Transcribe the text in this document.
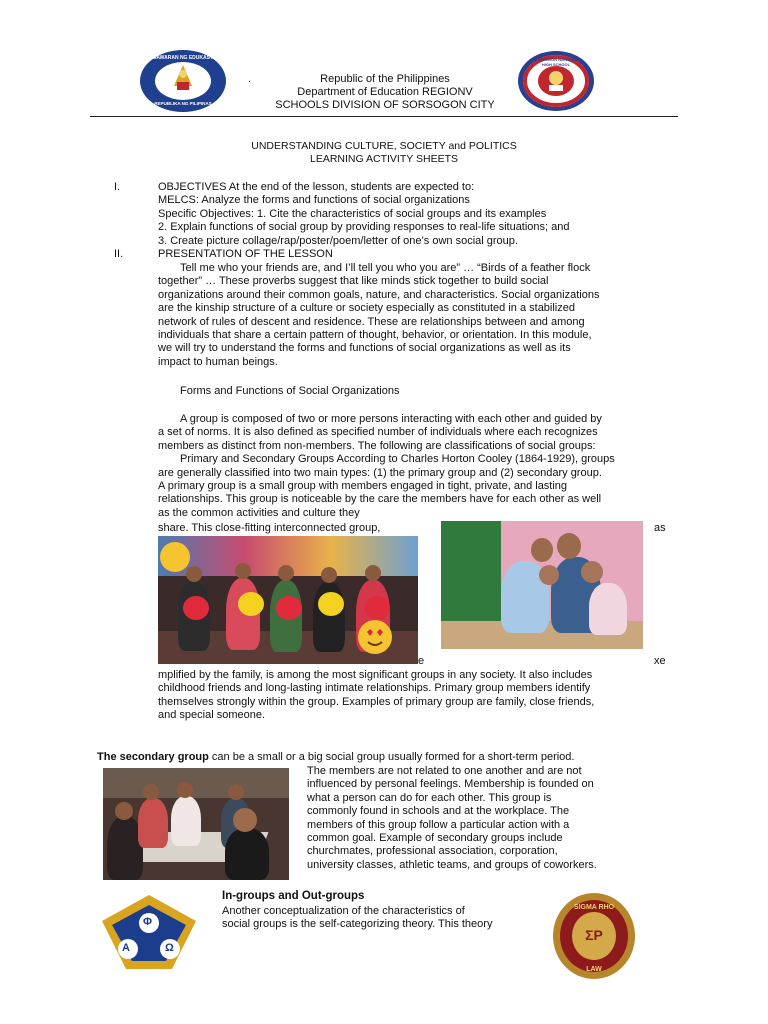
KAGAWARAN NG EDUKASYON
REPUBLIKA NG PILIPINAS
.	Republic of the Philippines
Department of Education REGIONV
SCHOOLS DIVISION OF SORSOGON CITY
SORSOGON NATIONAL HIGH SCHOOL
UNDERSTANDING CULTURE, SOCIETY and POLITICS
LEARNING ACTIVITY SHEETS
I.	OBJECTIVES At the end of the lesson, students are expected to:
MELCS: Analyze the forms and functions of social organizations
Specific Objectives: 1. Cite the characteristics of social groups and its examples
2. Explain functions of social group by providing responses to real-life situations; and
3. Create picture collage/rap/poster/poem/letter of one’s own social group.
II.	PRESENTATION OF THE LESSON
Tell me who your friends are, and I’ll tell you who you are” … “Birds of a feather flock
together” … These proverbs suggest that like minds stick together to build social
organizations around their common goals, nature, and characteristics. Social organizations
are the kinship structure of a culture or society especially as constituted in a stabilized
network of rules of descent and residence. These are relationships between and among
individuals that share a certain pattern of thought, behavior, or orientation. In this module,
we will try to understand the forms and functions of social organizations as well as its
impact to human beings.
Forms and Functions of Social Organizations
A group is composed of two or more persons interacting with each other and guided by
a set of norms. It is also defined as specified number of individuals where each recognizes
members as distinct from non-members. The following are classifications of social groups:
Primary and Secondary Groups According to Charles Horton Cooley (1864-1929), groups
are generally classified into two main types: (1) the primary group and (2) secondary group.
A primary group is a small group with members engaged in tight, private, and lasting
relationships. This group is noticeable by the care the members have for each other as well
as the common activities and culture they
share. This close-fitting interconnected group,	as
e	xe
mplified by the family, is among the most significant groups in any society. It also includes
childhood friends and long-lasting intimate relationships. Primary group members identify
themselves strongly within the group. Examples of primary group are family, close friends,
and special someone.
The secondary group can be a small or a big social group usually formed for a short-term period.
The members are not related to one another and are not
influenced by personal feelings. Membership is founded on
what a person can do for each other. This group is
commonly found in schools and at the workplace. The
members of this group follow a particular action with a
common goal. Example of secondary groups include
churchmates, professional association, corporation,
university classes, athletic teams, and groups of coworkers.
Α
Φ
Ω
In-groups and Out-groups
Another conceptualization of the characteristics of
social groups is the self-categorizing theory. This theory
SIGMA RHO
ΣΡ
LAW
